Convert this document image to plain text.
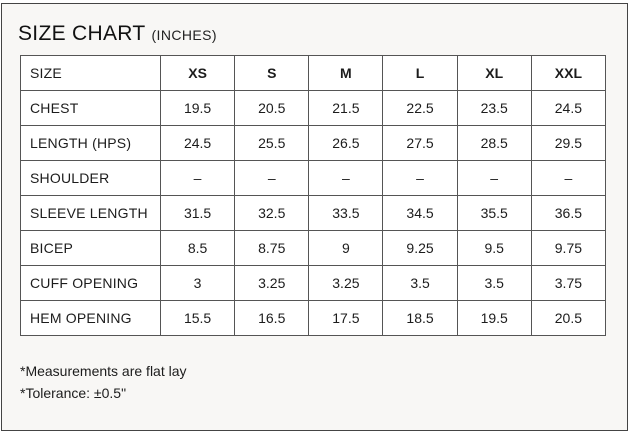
SIZE CHART (INCHES)
SIZE	XS	S	M	L	XL	XXL
CHEST	19.5	20.5	21.5	22.5	23.5	24.5
LENGTH (HPS)	24.5	25.5	26.5	27.5	28.5	29.5
SHOULDER	–	–	–	–	–	–
SLEEVE LENGTH	31.5	32.5	33.5	34.5	35.5	36.5
BICEP	8.5	8.75	9	9.25	9.5	9.75
CUFF OPENING	3	3.25	3.25	3.5	3.5	3.75
HEM OPENING	15.5	16.5	17.5	18.5	19.5	20.5
*Measurements are flat lay
*Tolerance: ±0.5"
